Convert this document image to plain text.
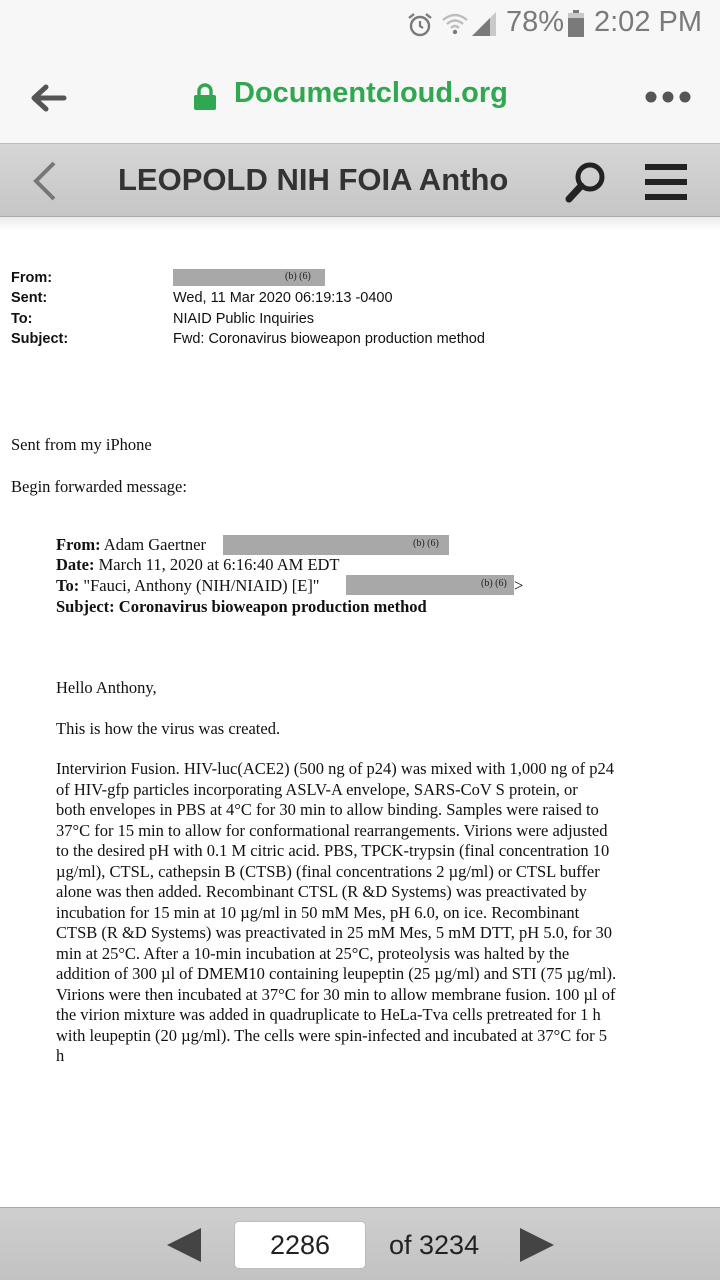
78% 2:02 PM
Documentcloud.org
LEOPOLD NIH FOIA Antho
From:	(b) (6)
Sent:	Wed, 11 Mar 2020 06:19:13 -0400
To:	NIAID Public Inquiries
Subject:	Fwd: Coronavirus bioweapon production method
Sent from my iPhone
Begin forwarded message:
From: Adam Gaertner	(b) (6)
Date: March 11, 2020 at 6:16:40 AM EDT
To: "Fauci, Anthony (NIH/NIAID) [E]"	(b) (6) >
Subject: Coronavirus bioweapon production method
Hello Anthony,
This is how the virus was created.
Intervirion Fusion. HIV-luc(ACE2) (500 ng of p24) was mixed with 1,000 ng of p24
of HIV-gfp particles incorporating ASLV-A envelope, SARS-CoV S protein, or
both envelopes in PBS at 4°C for 30 min to allow binding. Samples were raised to
37°C for 15 min to allow for conformational rearrangements. Virions were adjusted
to the desired pH with 0.1 M citric acid. PBS, TPCK-trypsin (final concentration 10
µg/ml), CTSL, cathepsin B (CTSB) (final concentrations 2 µg/ml) or CTSL buffer
alone was then added. Recombinant CTSL (R &D Systems) was preactivated by
incubation for 15 min at 10 µg/ml in 50 mM Mes, pH 6.0, on ice. Recombinant
CTSB (R &D Systems) was preactivated in 25 mM Mes, 5 mM DTT, pH 5.0, for 30
min at 25°C. After a 10-min incubation at 25°C, proteolysis was halted by the
addition of 300 µl of DMEM10 containing leupeptin (25 µg/ml) and STI (75 µg/ml).
Virions were then incubated at 37°C for 30 min to allow membrane fusion. 100 µl of
the virion mixture was added in quadruplicate to HeLa-Tva cells pretreated for 1 h
with leupeptin (20 µg/ml). The cells were spin-infected and incubated at 37°C for 5
h
2286	of 3234
